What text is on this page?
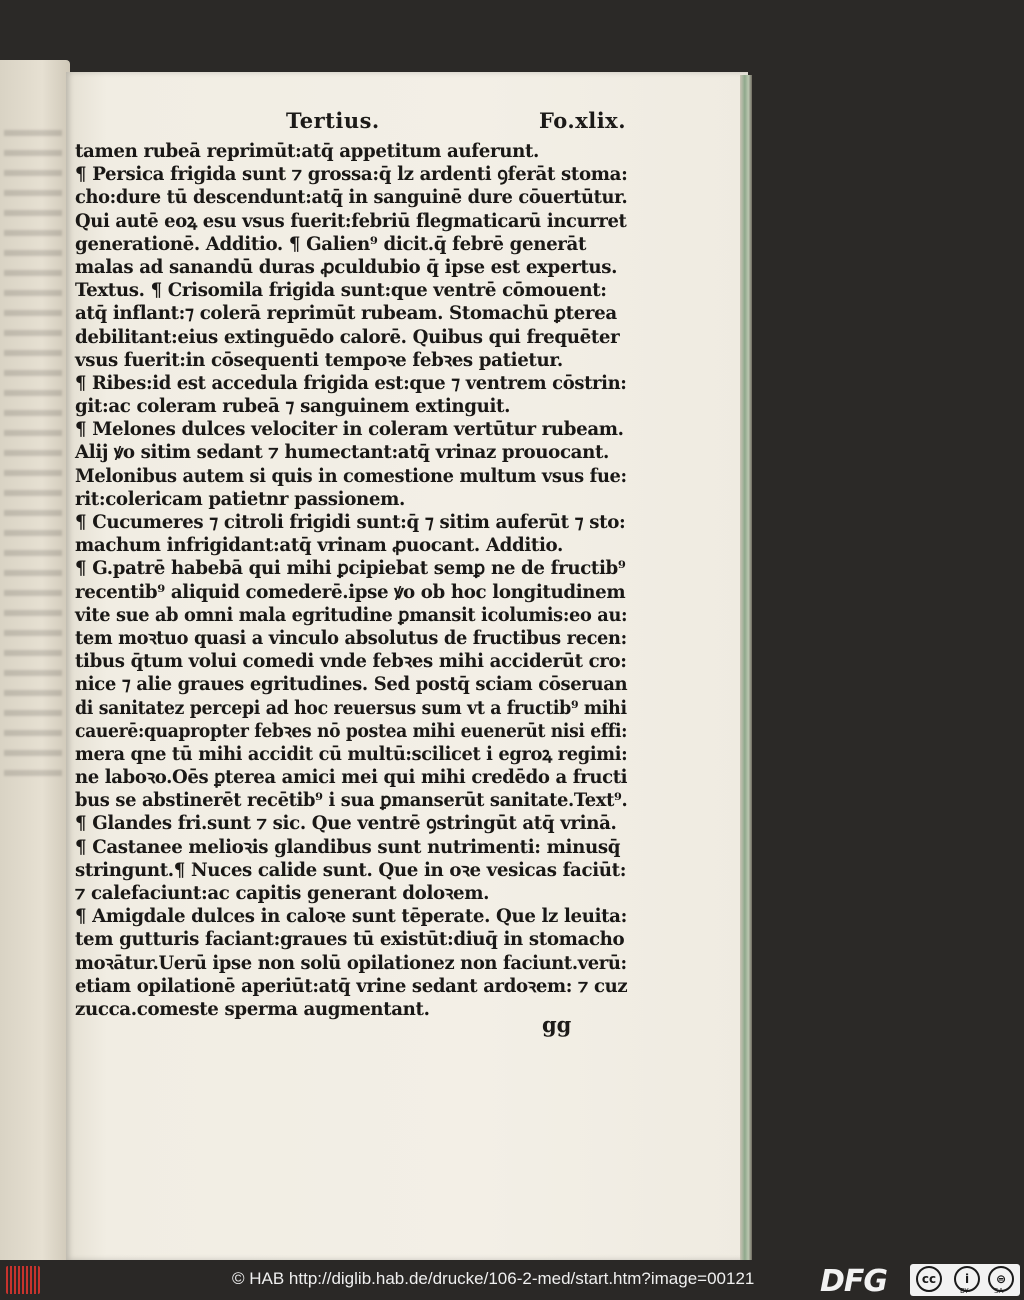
Tertius.	Fo.xlix.
tamen rubeā reprimūt:atq̄ appetitum auferunt.
¶ Persica frigida sunt ⁊ grossa:q̄ lz ardenti ꝯferāt stoma:
cho:dure tū descendunt:atq̄ in sanguinē dure cōuertūtur.
Qui autē eoꝝ esu vsus fuerit:febriū flegmaticarū incurret
generationē. Additio. ¶ Galien⁹ dicit.q̄ febrē generāt
malas ad sanandū duras ꝓculdubio q̄ ipse est expertus.
Textus. ¶ Crisomila frigida sunt:que ventrē cōmouent:
atq̄ inflant:⁊ colerā reprimūt rubeam. Stomachū ꝑterea
debilitant:eius extinguēdo calorē. Quibus qui frequēter
vsus fuerit:in cōsequenti tempoꝛe febꝛes patietur.
¶ Ribes:id est accedula frigida est:que ⁊ ventrem cōstrin:
git:ac coleram rubeā ⁊ sanguinem extinguit.
¶ Melones dulces velociter in coleram vertūtur rubeam.
Alij ꝟo sitim sedant ⁊ humectant:atq̄ vrinaz prouocant.
Melonibus autem si quis in comestione multum vsus fue:
rit:colericam patietnr passionem.
¶ Cucumeres ⁊ citroli frigidi sunt:q̄ ⁊ sitim auferūt ⁊ sto:
machum infrigidant:atq̄ vrinam ꝓuocant. Additio.
¶ G.patrē habebā qui mihi ꝑcipiebat semꝑ ne de fructib⁹
recentib⁹ aliquid comederē.ipse ꝟo ob hoc longitudinem
vite sue ab omni mala egritudine ꝑmansit icolumis:eo au:
tem moꝛtuo quasi a vinculo absolutus de fructibus recen:
tibus q̄tum volui comedi vnde febꝛes mihi acciderūt cro:
nice ⁊ alie graues egritudines. Sed postq̄ sciam cōseruan
di sanitatez percepi ad hoc reuersus sum vt a fructib⁹ mihi
cauerē:quapropter febꝛes nō postea mihi euenerūt nisi effi:
mera qne tū mihi accidit cū multū:scilicet i egroꝝ regimi:
ne laboꝛo.Oēs ꝑterea amici mei qui mihi credēdo a fructi
bus se abstinerēt recētib⁹ i sua ꝑmanserūt sanitate.Text⁹.
¶ Glandes fri.sunt ⁊ sic. Que ventrē ꝯstringūt atq̄ vrinā.
¶ Castanee melioꝛis glandibus sunt nutrimenti: minusq̄
stringunt.¶ Nuces calide sunt. Que in oꝛe vesicas faciūt:
⁊ calefaciunt:ac capitis generant doloꝛem.
¶ Amigdale dulces in caloꝛe sunt tēperate. Que lz leuita:
tem gutturis faciant:graues tū existūt:diuq̄ in stomacho
moꝛātur.Uerū ipse non solū opilationez non faciunt.verū:
etiam opilationē aperiūt:atq̄ vrine sedant ardoꝛem: ⁊ cuz
zucca.comeste sperma augmentant.
gg
© HAB http://diglib.hab.de/drucke/106-2-med/start.htm?image=00121 DFG	cc	i	⊜
BY	SA
